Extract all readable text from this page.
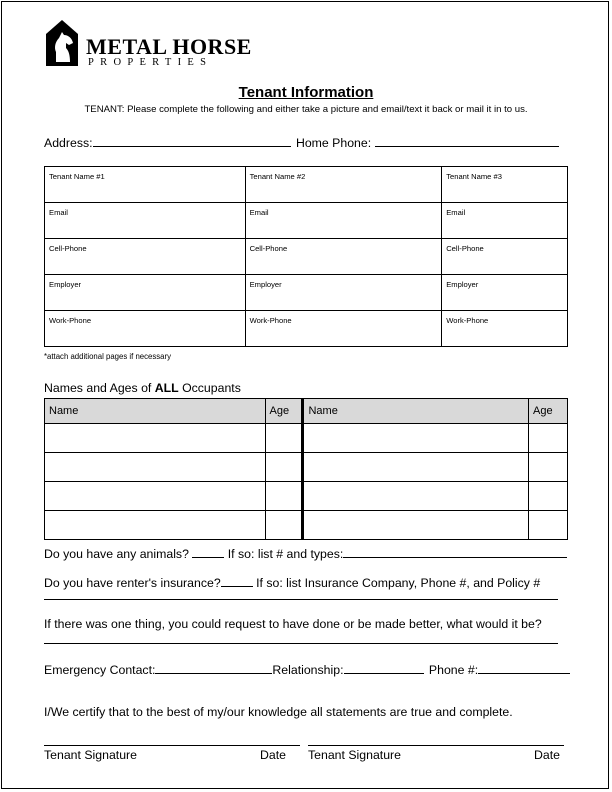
METAL HORSE
PROPERTIES
Tenant Information
TENANT: Please complete the following and either take a picture and email/text it back or mail it in to us.
Address:	Home Phone:
Tenant Name #1	Tenant Name #2	Tenant Name #3
Email	Email	Email
Cell-Phone	Cell-Phone	Cell-Phone
Employer	Employer	Employer
Work-Phone	Work-Phone	Work-Phone
*attach additional pages if necessary
Names and Ages of ALL Occupants
Name	Age	Name	Age

Do you have any animals?	If so: list # and types:
Do you have renter's insurance?	If so: list Insurance Company, Phone #, and Policy #
If there was one thing, you could request to have done or be made better, what would it be?
Emergency Contact:	Relationship:	Phone #:
I/We certify that to the best of my/our knowledge all statements are true and complete.
Tenant Signature	Date Tenant Signature	Date
